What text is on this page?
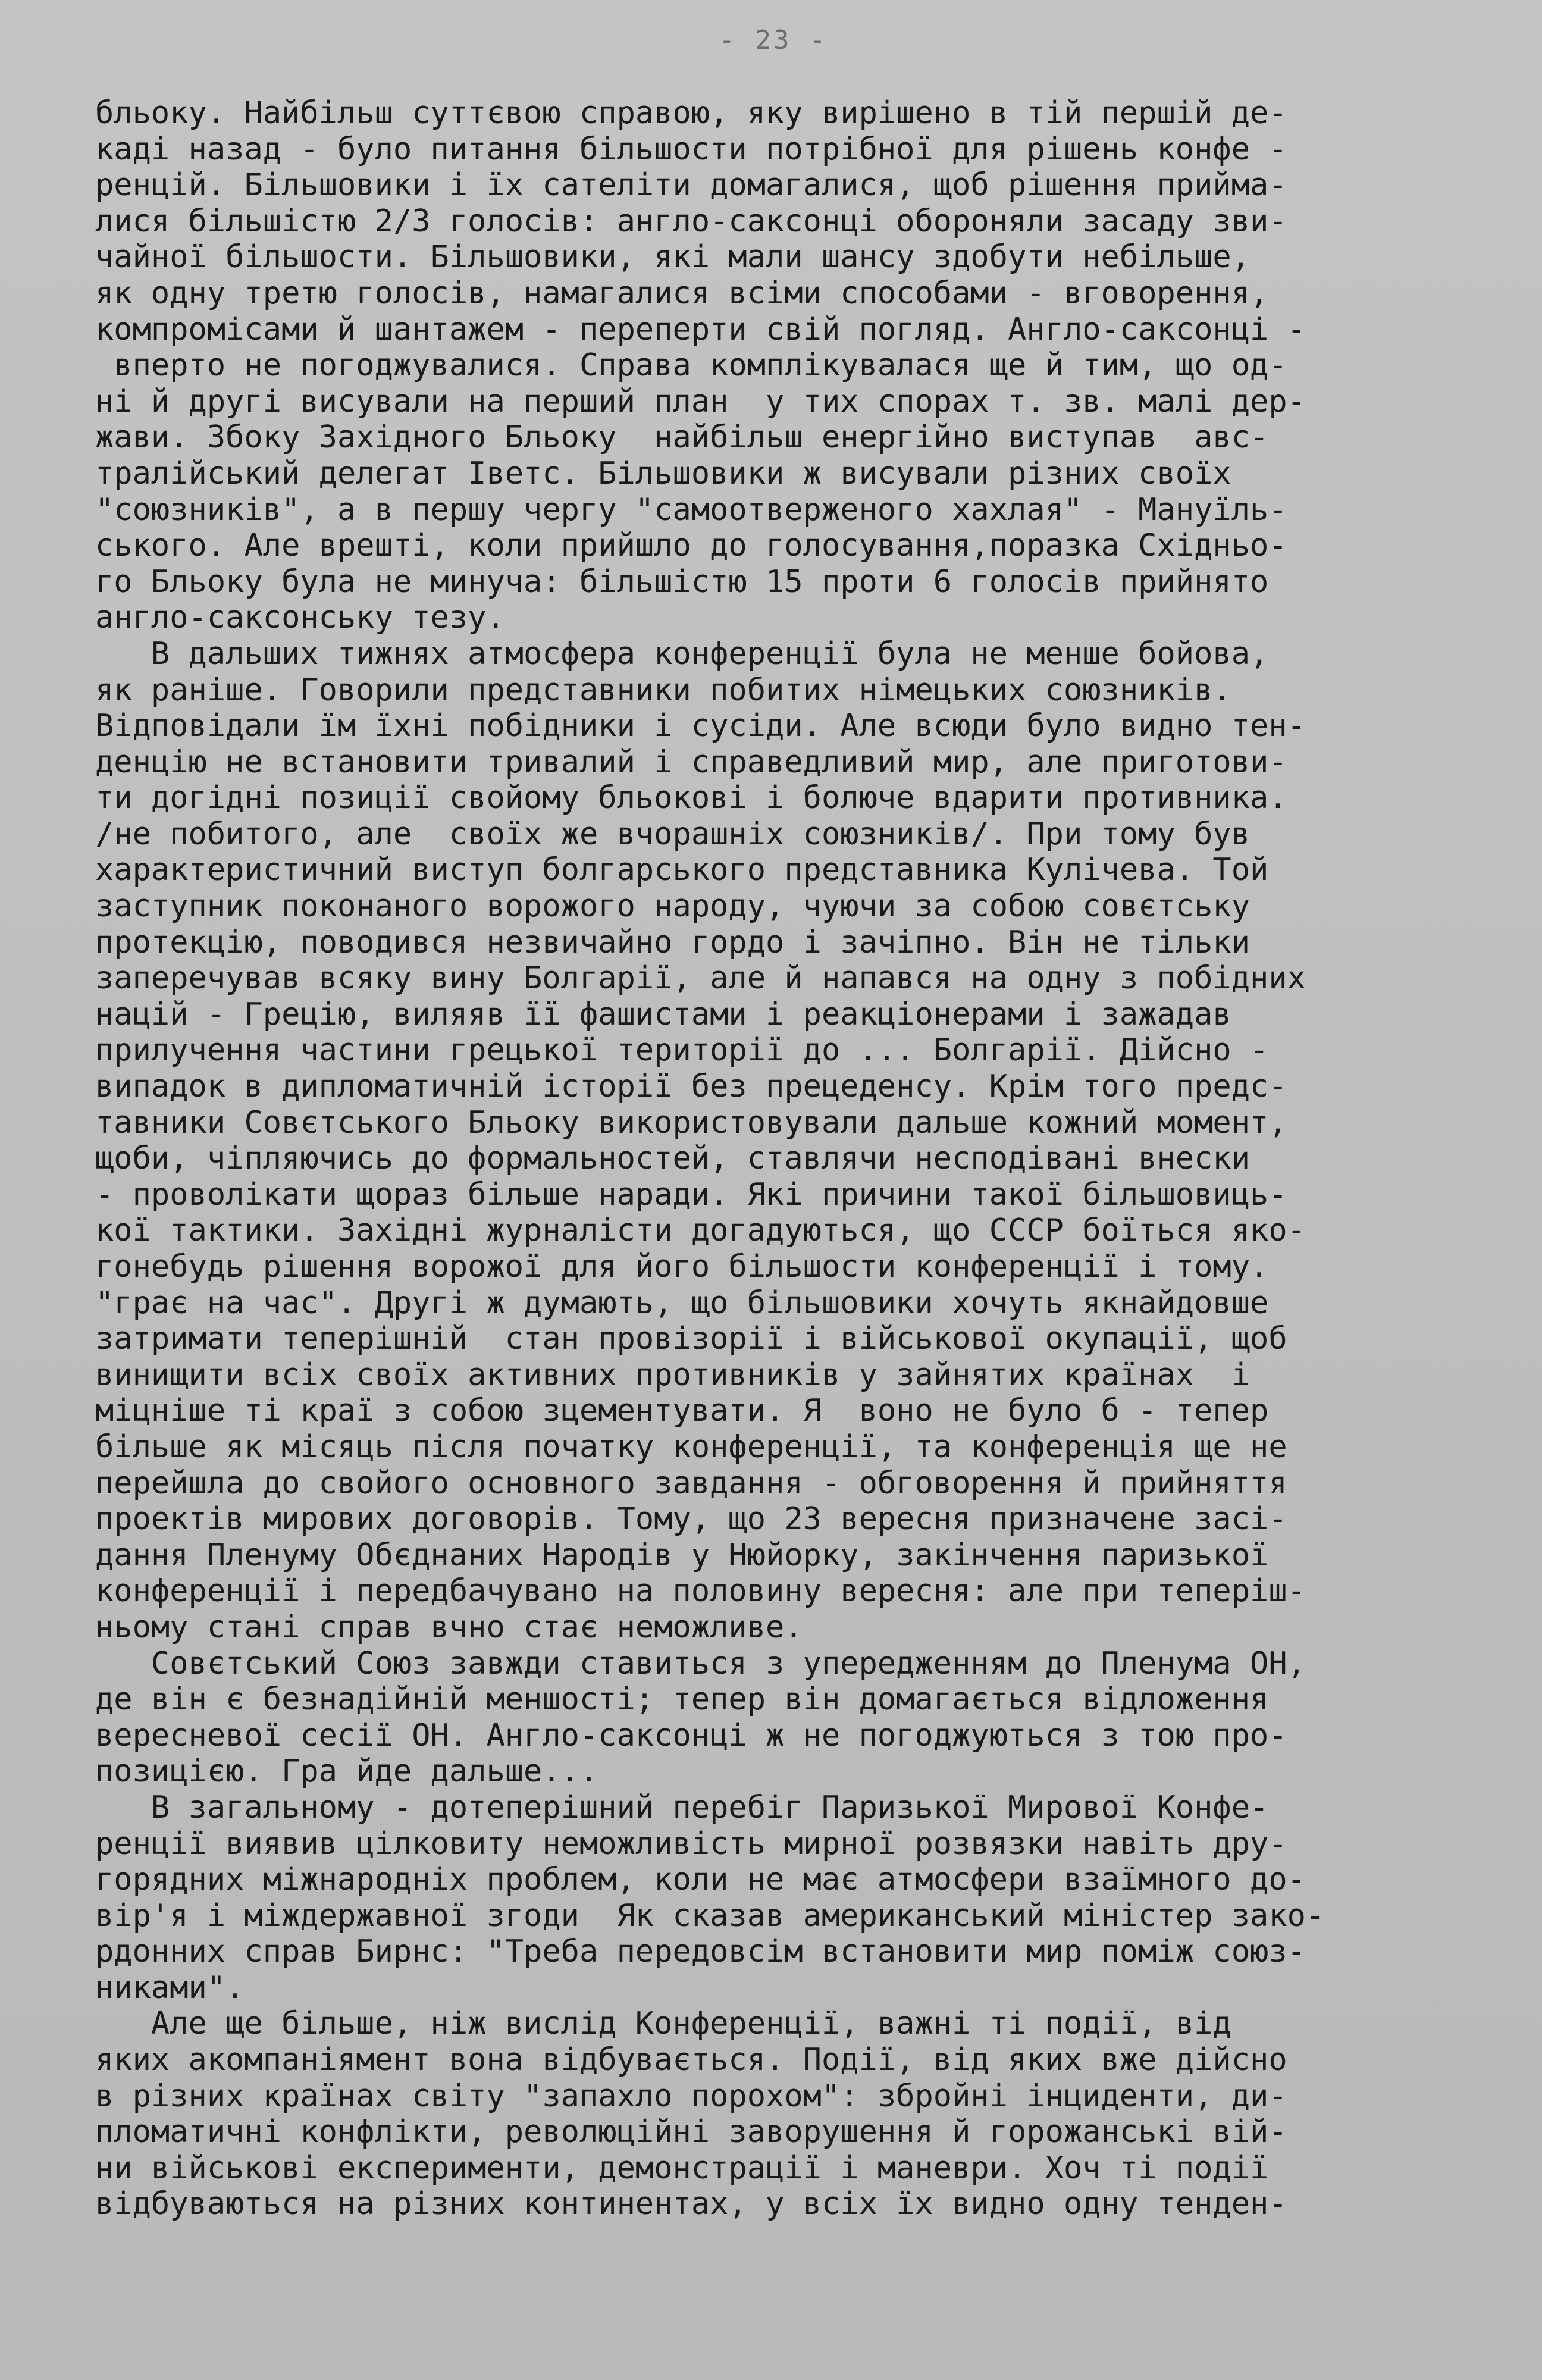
- 23 -
бльоку. Найбільш суттєвою справою, яку вирішено в тій першій де-
каді назад - було питання більшости потрібної для рішень конфе -
ренцій. Більшовики і їх сателіти домагалися, щоб рішення прийма-
лися більшістю 2/3 голосів: англо-саксонці обороняли засаду зви-
чайної більшости. Більшовики, які мали шансу здобути небільше,
як одну третю голосів, намагалися всіми способами - вговорення,
компромісами й шантажем - переперти свій погляд. Англо-саксонці -
вперто не погоджувалися. Справа комплікувалася ще й тим, що од-
ні й другі висували на перший план  у тих спорах т. зв. малі дер-
жави. Збоку Західного Бльоку  найбільш енергійно виступав  авс-
тралійський делегат Іветс. Більшовики ж висували різних своїх
"союзників", а в першу чергу "самоотверженого хахлая" - Мануїль-
ського. Але врешті, коли прийшло до голосування,поразка Східньо-
го Бльоку була не минуча: більшістю 15 проти 6 голосів прийнято
англо-саксонську тезу.
В дальших тижнях атмосфера конференції була не менше бойова,
як раніше. Говорили представники побитих німецьких союзників.
Відповідали їм їхні побідники і сусіди. Але всюди було видно тен-
денцію не встановити тривалий і справедливий мир, але приготови-
ти догідні позиції свойому бльокові і болюче вдарити противника.
/не побитого, але  своїх же вчорашніх союзників/. При тому був
характеристичний виступ болгарського представника Кулічева. Той
заступник поконаного ворожого народу, чуючи за собою совєтську
протекцію, поводився незвичайно гордо і зачіпно. Він не тільки
заперечував всяку вину Болгарії, але й напався на одну з побідних
націй - Грецію, виляяв її фашистами і реакціонерами і зажадав
прилучення частини грецької території до ... Болгарії. Дійсно -
випадок в дипломатичній історії без прецеденсу. Крім того предс-
тавники Совєтського Бльоку використовували дальше кожний момент,
щоби, чіпляючись до формальностей, ставлячи несподівані внески
- проволікати щораз більше наради. Які причини такої більшовиць-
кої тактики. Західні журналісти догадуються, що СССР боїться яко-
гонебудь рішення ворожої для його більшости конференції і тому.
"грає на час". Другі ж думають, що більшовики хочуть якнайдовше
затримати теперішній  стан провізорії і військової окупації, щоб
винищити всіх своїх активних противників у зайнятих країнах  і
міцніше ті краї з собою зцементувати. Я  воно не було б - тепер
більше як місяць після початку конференції, та конференція ще не
перейшла до свойого основного завдання - обговорення й прийняття
проектів мирових договорів. Тому, що 23 вересня призначене засі-
дання Пленуму Обєднаних Народів у Нюйорку, закінчення паризької
конференції і передбачувано на половину вересня: але при теперіш-
ньому стані справ вчно стає неможливе.
Совєтський Союз завжди ставиться з упередженням до Пленума ОН,
де він є безнадійній меншості; тепер він домагається відложення
вересневої сесії ОН. Англо-саксонці ж не погоджуються з тою про-
позицією. Гра йде дальше...
В загальному - дотеперішний перебіг Паризької Мирової Конфе-
ренції виявив цілковиту неможливість мирної розвязки навіть дру-
горядних міжнародніх проблем, коли не має атмосфери взаїмного до-
вір'я і міждержавної згоди  Як сказав американський міністер зако-
рдонних справ Бирнс: "Треба передовсім встановити мир поміж союз-
никами".
Але ще більше, ніж вислід Конференції, важні ті події, від
яких акомпаніямент вона відбувається. Події, від яких вже дійсно
в різних країнах світу "запахло порохом": збройні інциденти, ди-
пломатичні конфлікти, революційні заворушення й горожанські вій-
ни військові експерименти, демонстрації і маневри. Хоч ті події
відбуваються на різних континентах, у всіх їх видно одну тенден-
